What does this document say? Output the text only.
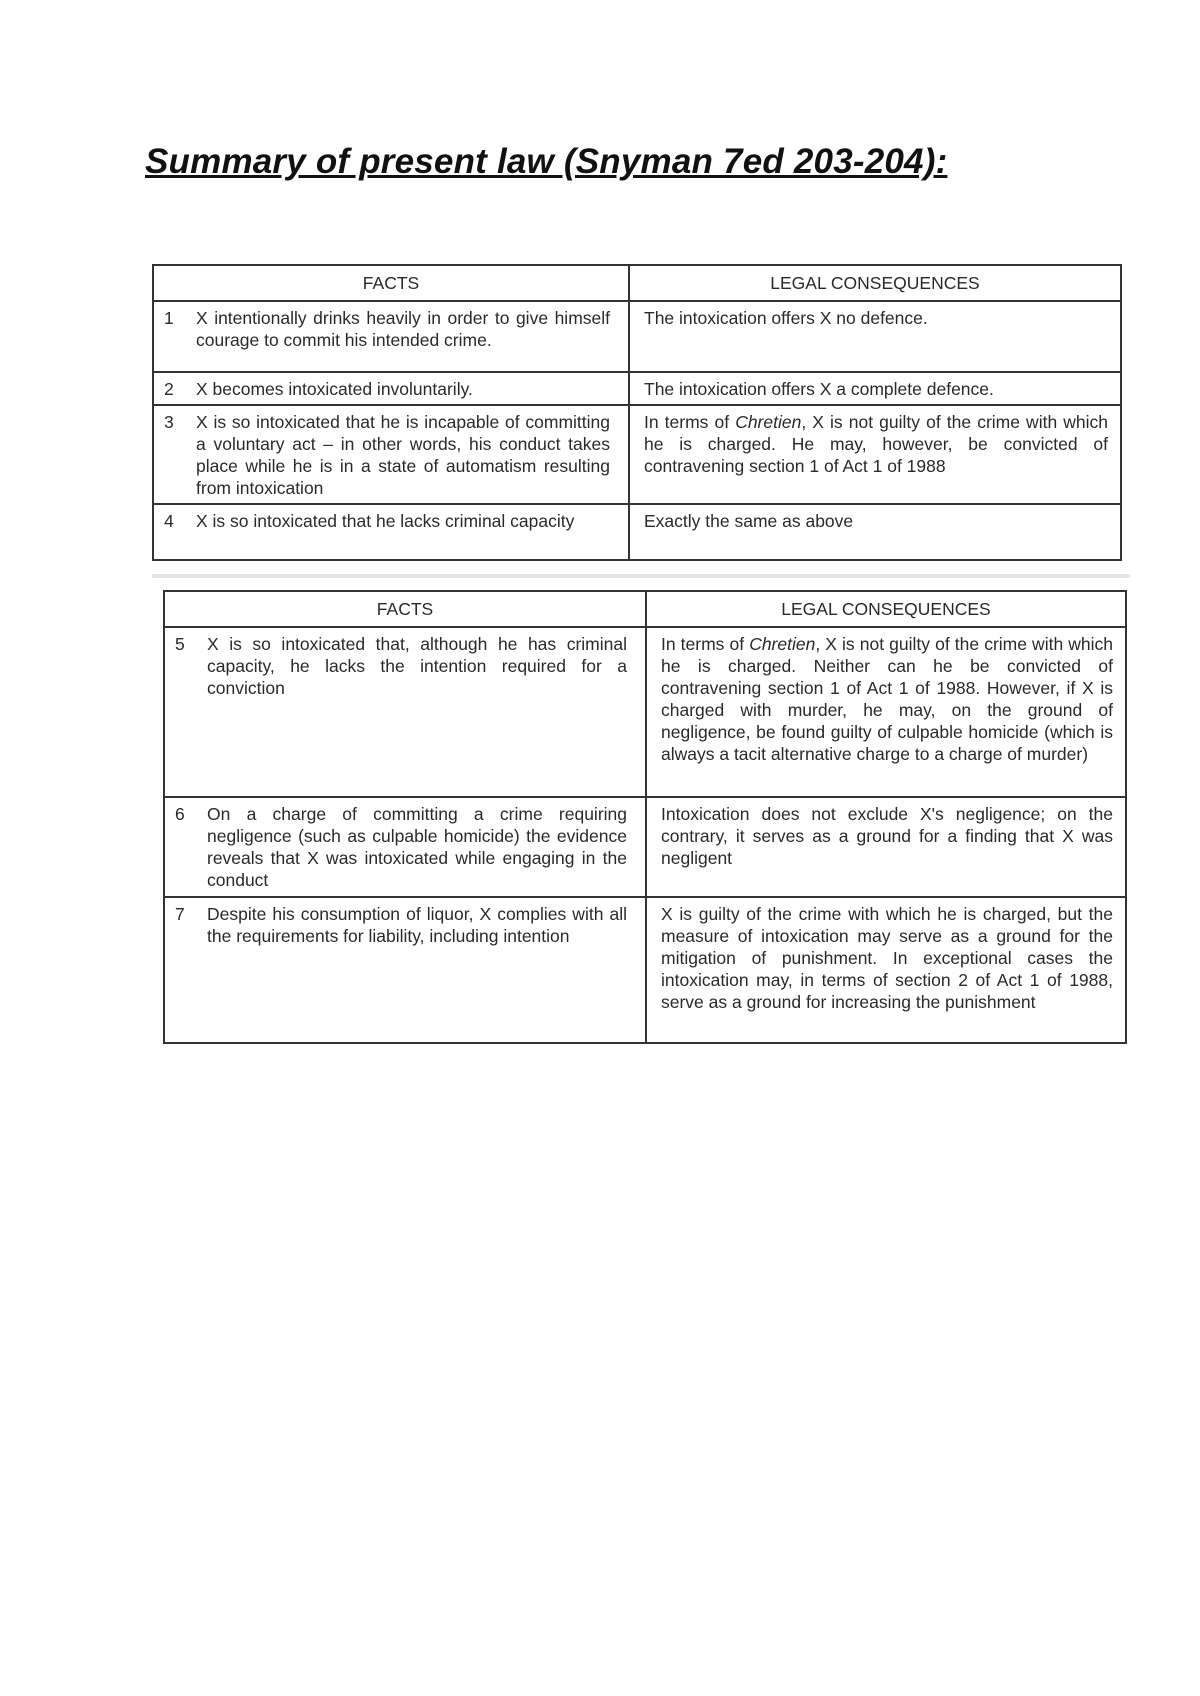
Summary of present law (Snyman 7ed 203-204):
FACTS	LEGAL CONSEQUENCES
1 X intentionally drinks heavily in order to give himself courage to commit his intended crime.	The intoxication offers X no defence.
2 X becomes intoxicated involuntarily.	The intoxication offers X a complete defence.
3 X is so intoxicated that he is incapable of committing a voluntary act – in other words, his conduct takes place while he is in a state of automatism resulting from intoxication	In terms of Chretien, X is not guilty of the crime with which he is charged. He may, however, be convicted of contravening section 1 of Act 1 of 1988
4 X is so intoxicated that he lacks criminal capacity	Exactly the same as above
FACTS	LEGAL CONSEQUENCES
5 X is so intoxicated that, although he has criminal capacity, he lacks the intention required for a conviction	In terms of Chretien, X is not guilty of the crime with which he is charged. Neither can he be convicted of contravening section 1 of Act 1 of 1988. However, if X is charged with murder, he may, on the ground of negligence, be found guilty of culpable homicide (which is always a tacit alternative charge to a charge of murder)
6 On a charge of committing a crime requiring negligence (such as culpable homicide) the evidence reveals that X was intoxicated while engaging in the conduct	Intoxication does not exclude X's negligence; on the contrary, it serves as a ground for a finding that X was negligent
7 Despite his consumption of liquor, X complies with all the requirements for liability, including intention	X is guilty of the crime with which he is charged, but the measure of intoxication may serve as a ground for the mitigation of punishment. In exceptional cases the intoxication may, in terms of section 2 of Act 1 of 1988, serve as a ground for increasing the punishment
